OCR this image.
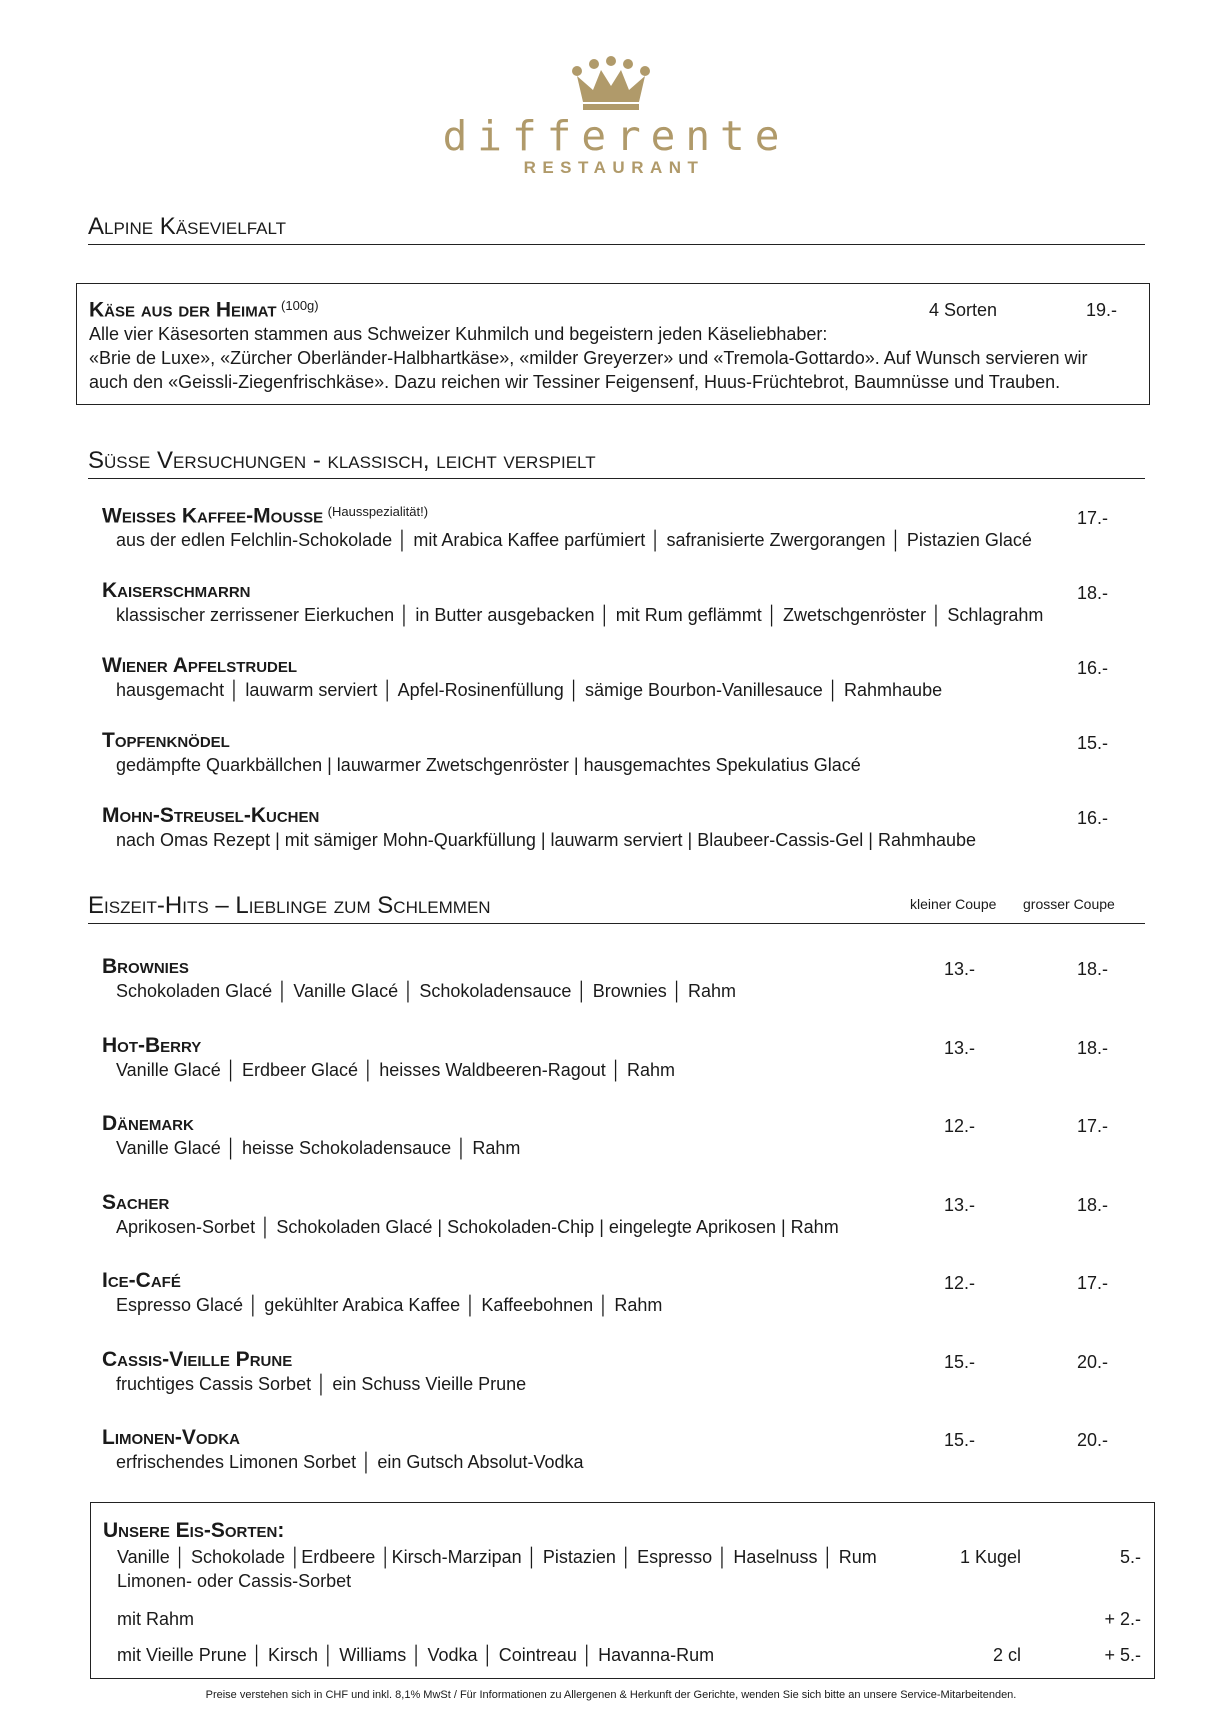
differente
RESTAURANT
Alpine Käsevielfalt
Käse aus der Heimat $^{(100g)}$	4 Sorten	19.-
Alle vier Käsesorten stammen aus Schweizer Kuhmilch und begeistern jeden Käseliebhaber:
«Brie de Luxe», «Zürcher Oberländer-Halbhartkäse», «milder Greyerzer» und «Tremola-Gottardo». Auf Wunsch servieren wir
auch den «Geissli-Ziegenfrischkäse». Dazu reichen wir Tessiner Feigensenf, Huus-Früchtebrot, Baumnüsse und Trauben.
Süsse Versuchungen - klassisch, leicht verspielt
Weisses Kaffee-Mousse $^{(Hausspezialität!)}$
aus der edlen Felchlin-Schokolade │ mit Arabica Kaffee parfümiert │ safranisierte Zwergorangen │ Pistazien Glacé
17.-
Kaiserschmarrn
klassischer zerrissener Eierkuchen │ in Butter ausgebacken │ mit Rum geflämmt │ Zwetschgenröster │ Schlagrahm
18.-
Wiener Apfelstrudel
hausgemacht │ lauwarm serviert │ Apfel-Rosinenfüllung │ sämige Bourbon-Vanillesauce │ Rahmhaube
16.-
Topfenknödel
gedämpfte Quarkbällchen | lauwarmer Zwetschgenröster | hausgemachtes Spekulatius Glacé
15.-
Mohn-Streusel-Kuchen
nach Omas Rezept | mit sämiger Mohn-Quarkfüllung | lauwarm serviert | Blaubeer-Cassis-Gel | Rahmhaube
16.-
Eiszeit-Hits – Lieblinge zum Schlemmen	kleiner Coupe grosser Coupe
Brownies
Schokoladen Glacé │ Vanille Glacé │ Schokoladensauce │ Brownies │ Rahm
13.-	18.-
Hot-Berry
Vanille Glacé │ Erdbeer Glacé │ heisses Waldbeeren-Ragout │ Rahm
13.-	18.-
Dänemark
Vanille Glacé │ heisse Schokoladensauce │ Rahm
12.-	17.-
Sacher
Aprikosen-Sorbet │ Schokoladen Glacé | Schokoladen-Chip | eingelegte Aprikosen | Rahm
13.-	18.-
Ice-Café
Espresso Glacé │ gekühlter Arabica Kaffee │ Kaffeebohnen │ Rahm
12.-	17.-
Cassis-Vieille Prune
fruchtiges Cassis Sorbet │ ein Schuss Vieille Prune
15.-	20.-
Limonen-Vodka
erfrischendes Limonen Sorbet │ ein Gutsch Absolut-Vodka
15.-	20.-
Unsere Eis-Sorten:
Vanille │ Schokolade │Erdbeere │Kirsch-Marzipan │ Pistazien │ Espresso │ Haselnuss │ Rum
Limonen- oder Cassis-Sorbet
1 Kugel	5.-
mit Rahm	+ 2.-
mit Vieille Prune │ Kirsch │ Williams │ Vodka │ Cointreau │ Havanna-Rum	2 cl	+ 5.-
Preise verstehen sich in CHF und inkl. 8,1% MwSt / Für Informationen zu Allergenen & Herkunft der Gerichte, wenden Sie sich bitte an unsere Service-Mitarbeitenden.
